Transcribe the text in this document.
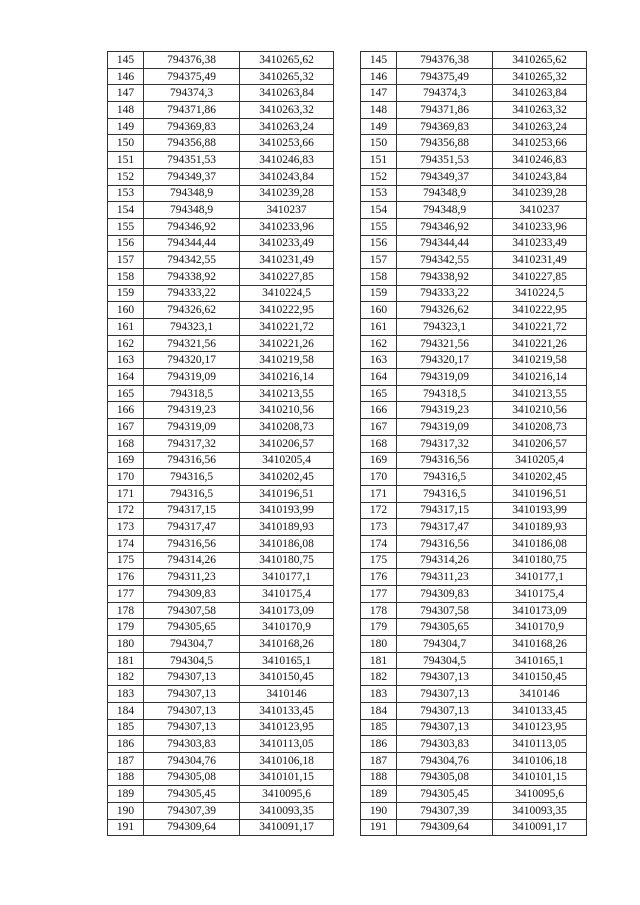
145	794376,38	3410265,62
146	794375,49	3410265,32
147	794374,3	3410263,84
148	794371,86	3410263,32
149	794369,83	3410263,24
150	794356,88	3410253,66
151	794351,53	3410246,83
152	794349,37	3410243,84
153	794348,9	3410239,28
154	794348,9	3410237
155	794346,92	3410233,96
156	794344,44	3410233,49
157	794342,55	3410231,49
158	794338,92	3410227,85
159	794333,22	3410224,5
160	794326,62	3410222,95
161	794323,1	3410221,72
162	794321,56	3410221,26
163	794320,17	3410219,58
164	794319,09	3410216,14
165	794318,5	3410213,55
166	794319,23	3410210,56
167	794319,09	3410208,73
168	794317,32	3410206,57
169	794316,56	3410205,4
170	794316,5	3410202,45
171	794316,5	3410196,51
172	794317,15	3410193,99
173	794317,47	3410189,93
174	794316,56	3410186,08
175	794314,26	3410180,75
176	794311,23	3410177,1
177	794309,83	3410175,4
178	794307,58	3410173,09
179	794305,65	3410170,9
180	794304,7	3410168,26
181	794304,5	3410165,1
182	794307,13	3410150,45
183	794307,13	3410146
184	794307,13	3410133,45
185	794307,13	3410123,95
186	794303,83	3410113,05
187	794304,76	3410106,18
188	794305,08	3410101,15
189	794305,45	3410095,6
190	794307,39	3410093,35
191	794309,64	3410091,17
145	794376,38	3410265,62
146	794375,49	3410265,32
147	794374,3	3410263,84
148	794371,86	3410263,32
149	794369,83	3410263,24
150	794356,88	3410253,66
151	794351,53	3410246,83
152	794349,37	3410243,84
153	794348,9	3410239,28
154	794348,9	3410237
155	794346,92	3410233,96
156	794344,44	3410233,49
157	794342,55	3410231,49
158	794338,92	3410227,85
159	794333,22	3410224,5
160	794326,62	3410222,95
161	794323,1	3410221,72
162	794321,56	3410221,26
163	794320,17	3410219,58
164	794319,09	3410216,14
165	794318,5	3410213,55
166	794319,23	3410210,56
167	794319,09	3410208,73
168	794317,32	3410206,57
169	794316,56	3410205,4
170	794316,5	3410202,45
171	794316,5	3410196,51
172	794317,15	3410193,99
173	794317,47	3410189,93
174	794316,56	3410186,08
175	794314,26	3410180,75
176	794311,23	3410177,1
177	794309,83	3410175,4
178	794307,58	3410173,09
179	794305,65	3410170,9
180	794304,7	3410168,26
181	794304,5	3410165,1
182	794307,13	3410150,45
183	794307,13	3410146
184	794307,13	3410133,45
185	794307,13	3410123,95
186	794303,83	3410113,05
187	794304,76	3410106,18
188	794305,08	3410101,15
189	794305,45	3410095,6
190	794307,39	3410093,35
191	794309,64	3410091,17
